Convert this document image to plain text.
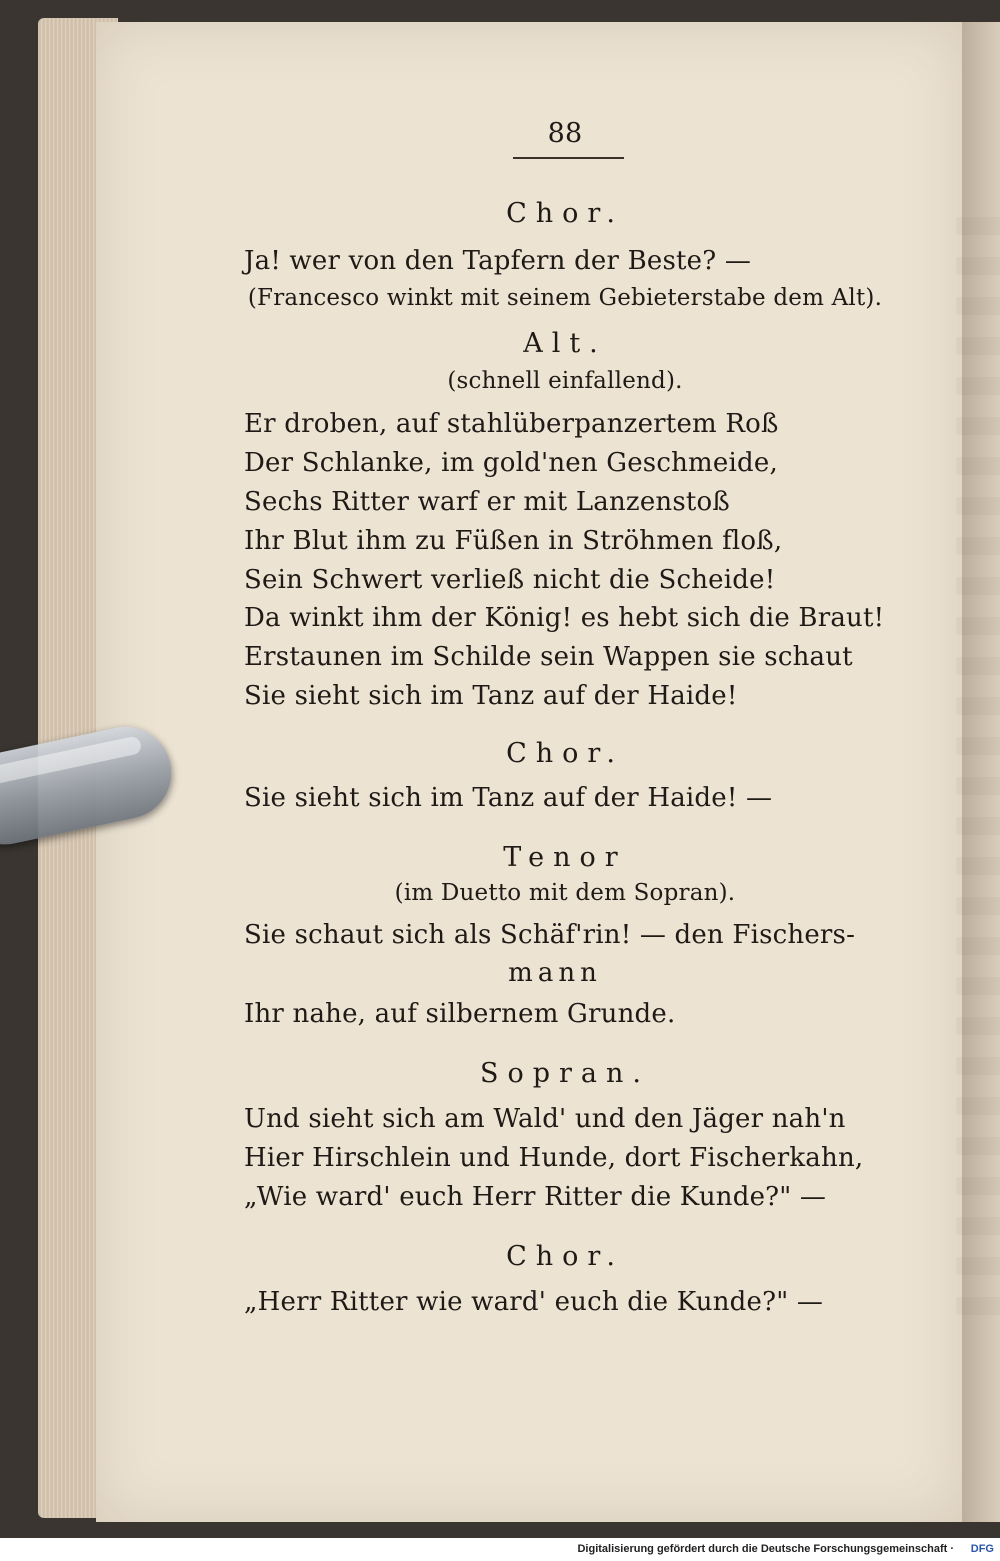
88
Chor.
Ja! wer von den Tapfern der Beste? —
(Francesco winkt mit seinem Gebieterstabe dem Alt).
Alt.
(schnell einfallend).
Er droben, auf stahlüberpanzertem Roß
Der Schlanke, im gold'nen Geschmeide,
Sechs Ritter warf er mit Lanzenstoß
Ihr Blut ihm zu Füßen in Ströhmen floß,
Sein Schwert verließ nicht die Scheide!
Da winkt ihm der König! es hebt sich die Braut!
Erstaunen im Schilde sein Wappen sie schaut
Sie sieht sich im Tanz auf der Haide!
Chor.
Sie sieht sich im Tanz auf der Haide! —
Tenor
(im Duetto mit dem Sopran).
Sie schaut sich als Schäf'rin! — den Fischers-
mann
Ihr nahe, auf silbernem Grunde.
Sopran.
Und sieht sich am Wald' und den Jäger nah'n
Hier Hirschlein und Hunde, dort Fischerkahn,
„Wie ward' euch Herr Ritter die Kunde?" —
Chor.
„Herr Ritter wie ward' euch die Kunde?" —
Digitalisierung gefördert durch die Deutsche Forschungsgemeinschaft · DFG
